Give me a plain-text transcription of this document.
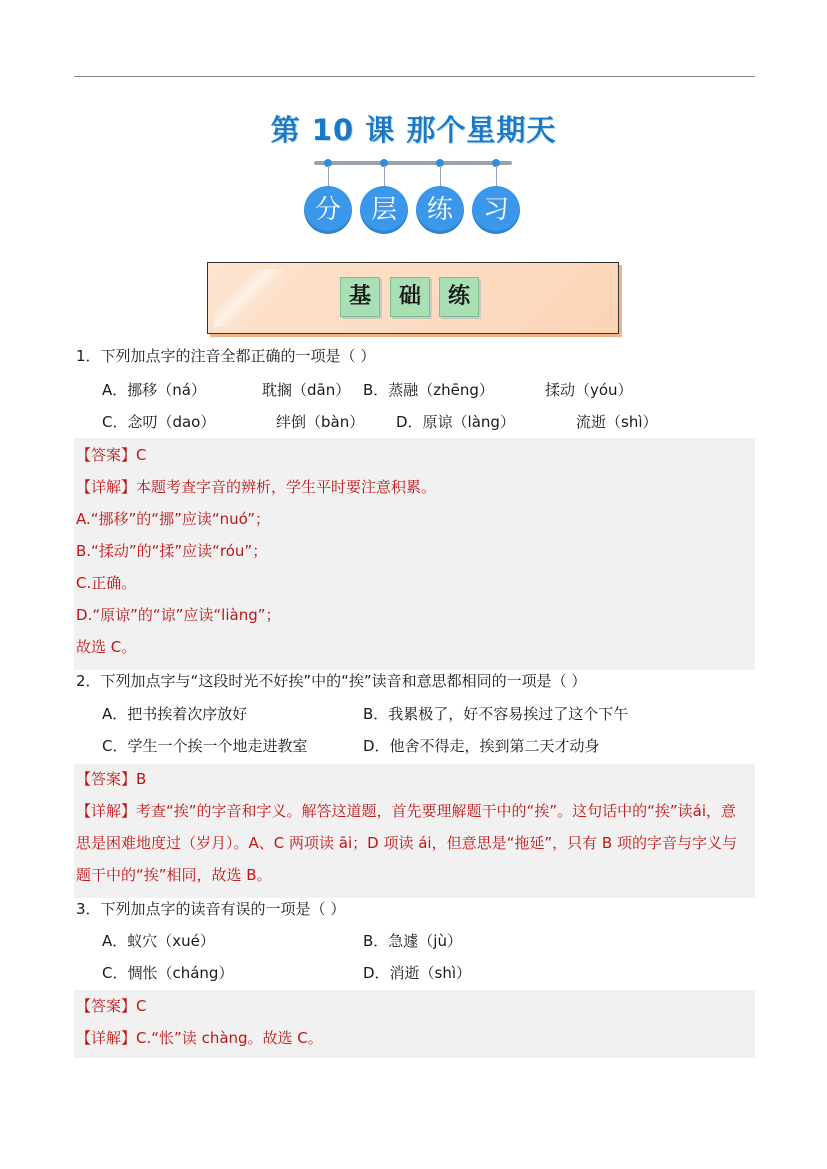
第 10 课 那个星期天
分	层	练	习
基	础	练
1．下列加点字的注音全都正确的一项是（ ）
A．挪移（ná）	耽搁（dān） B．蒸融（zhēng）	揉动（yóu）
C．念叨（dao）	绊倒（bàn） D．原谅（làng）	流逝（shì）
【答案】C
【详解】本题考查字音的辨析，学生平时要注意积累。
A.“挪移”的“挪”应读“nuó”；
B.“揉动”的“揉”应读“róu”；
C.正确。
D.“原谅”的“谅”应读“liàng”；
故选 C。
2．下列加点字与“这段时光不好挨”中的“挨”读音和意思都相同的一项是（ ）
A．把书挨着次序放好	B．我累极了，好不容易挨过了这个下午
C．学生一个挨一个地走进教室	D．他舍不得走，挨到第二天才动身
【答案】B
【详解】考查“挨”的字音和字义。解答这道题，首先要理解题干中的“挨”。这句话中的“挨”读ái，意思是困难地度过（岁月）。A、C 两项读 āi；D 项读 ái，但意思是“拖延”，只有 B 项的字音与字义与题干中的“挨”相同，故选 B。
3．下列加点字的读音有误的一项是（ ）
A．蚁穴（xué）	B．急遽（jù）
C．惆怅（cháng）	D．消逝（shì）
【答案】C
【详解】C.“怅”读 chàng。故选 C。
